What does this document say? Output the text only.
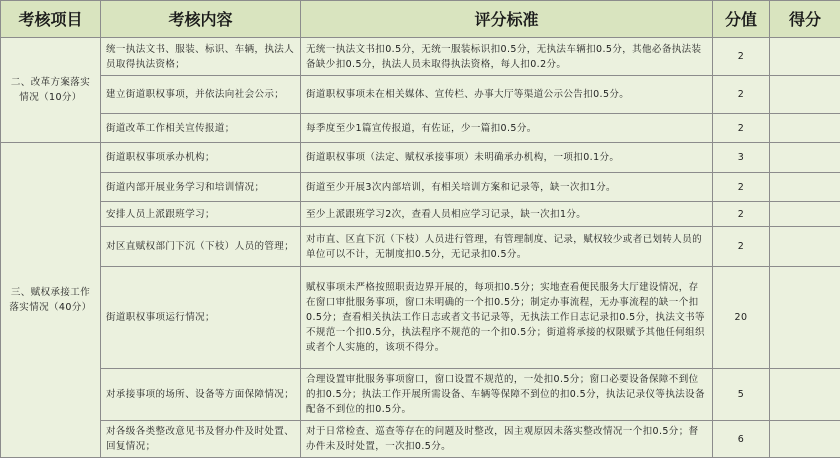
考核项目	考核内容	评分标准	分值	得分
二、改革方案落实情况（10分）	统一执法文书、服装、标识、车辆，执法人员取得执法资格；	无统一执法文书扣0.5分，无统一服装标识扣0.5分，无执法车辆扣0.5分，其他必备执法装备缺少扣0.5分，执法人员未取得执法资格，每人扣0.2分。	2	
	建立街道职权事项，并依法向社会公示；	街道职权事项未在相关媒体、宣传栏、办事大厅等渠道公示公告扣0.5分。	2	
	街道改革工作相关宣传报道；	每季度至少1篇宣传报道，有佐证，少一篇扣0.5分。	2	
三、赋权承接工作落实情况（40分）	街道职权事项承办机构；	街道职权事项（法定、赋权承接事项）未明确承办机构，一项扣0.1分。	3	
	街道内部开展业务学习和培训情况；	街道至少开展3次内部培训，有相关培训方案和记录等，缺一次扣1分。	2	
	安排人员上派跟班学习；	至少上派跟班学习2次，查看人员相应学习记录，缺一次扣1分。	2	
	对区直赋权部门下沉（下枝）人员的管理；	对市直、区直下沉（下枝）人员进行管理，有管理制度、记录，赋权较少或者已划转人员的单位可以不计，无制度扣0.5分，无记录扣0.5分。	2	
	街道职权事项运行情况；	赋权事项未严格按照职责边界开展的，每项扣0.5分；实地查看便民服务大厅建设情况，存在窗口审批服务事项，窗口未明确的一个扣0.5分；制定办事流程，无办事流程的缺一个扣0.5分；查看相关执法工作日志或者文书记录等，无执法工作日志记录扣0.5分，执法文书等不规范一个扣0.5分，执法程序不规范的一个扣0.5分；街道将承接的权限赋予其他任何组织或者个人实施的，该项不得分。	20	
	对承接事项的场所、设备等方面保障情况；	合理设置审批服务事项窗口，窗口设置不规范的，一处扣0.5分；窗口必要设备保障不到位的扣0.5分；执法工作开展所需设备、车辆等保障不到位的扣0.5分，执法记录仪等执法设备配备不到位的扣0.5分。	5	
	对各级各类整改意见书及督办件及时处置、回复情况；	对于日常检查、巡查等存在的问题及时整改，因主观原因未落实整改情况一个扣0.5分；督办件未及时处置，一次扣0.5分。	6	
